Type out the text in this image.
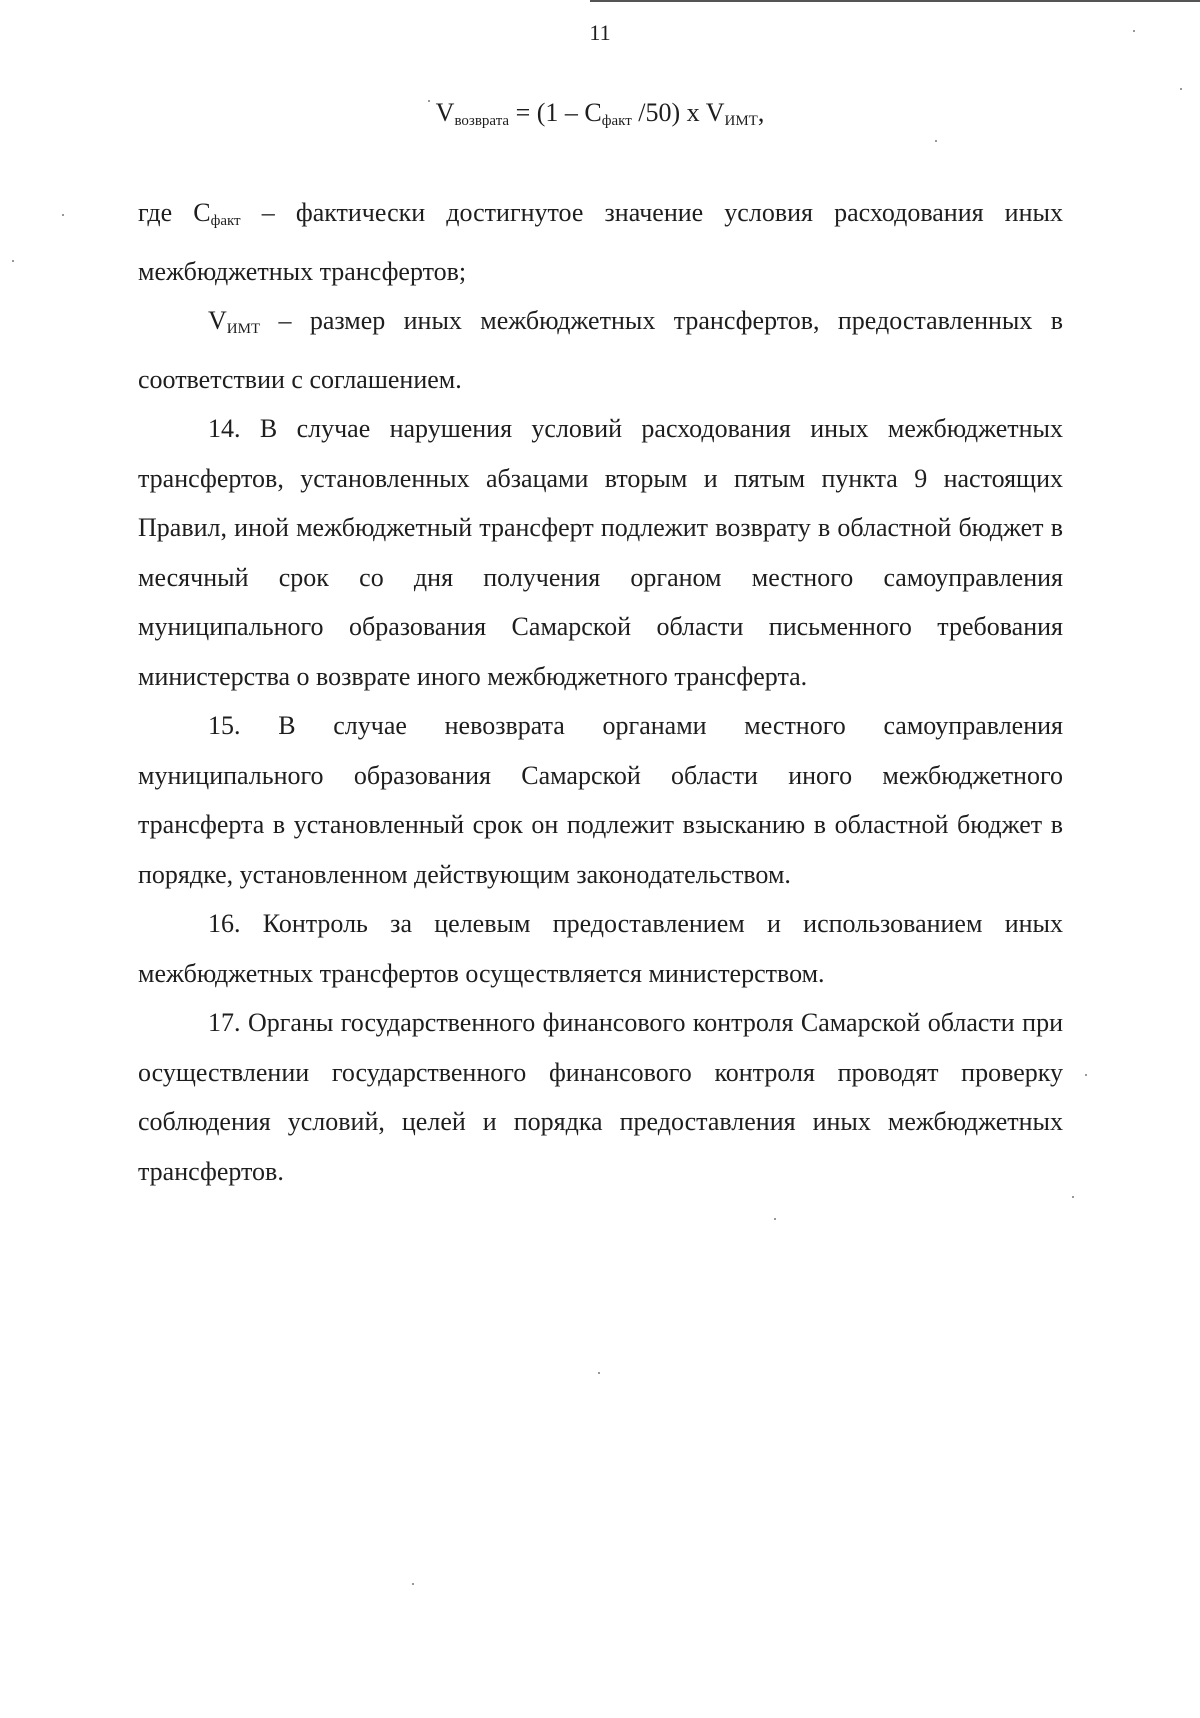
11
$V_{возврата} = (1 - C_{факт}$ /50) x $V_{ИМТ}$,

где Cфакт – фактически достигнутое значение условия расходования иных межбюджетных трансфертов;

VИМТ – размер иных межбюджетных трансфертов, предоставленных в соответствии с соглашением.

14. В случае нарушения условий расходования иных межбюджетных трансфертов, установленных абзацами вторым и пятым пункта 9 настоящих Правил, иной межбюджетный трансферт подлежит возврату в областной бюджет в месячный срок со дня получения органом местного самоуправления муниципального образования Самарской области письменного требования министерства о возврате иного межбюджетного трансферта.

15. В случае невозврата органами местного самоуправления муниципального образования Самарской области иного межбюджетного трансферта в установленный срок он подлежит взысканию в областной бюджет в порядке, установленном действующим законодательством.

16. Контроль за целевым предоставлением и использованием иных межбюджетных трансфертов осуществляется министерством.

17. Органы государственного финансового контроля Самарской области при осуществлении государственного финансового контроля проводят проверку соблюдения условий, целей и порядка предоставления иных межбюджетных трансфертов.
